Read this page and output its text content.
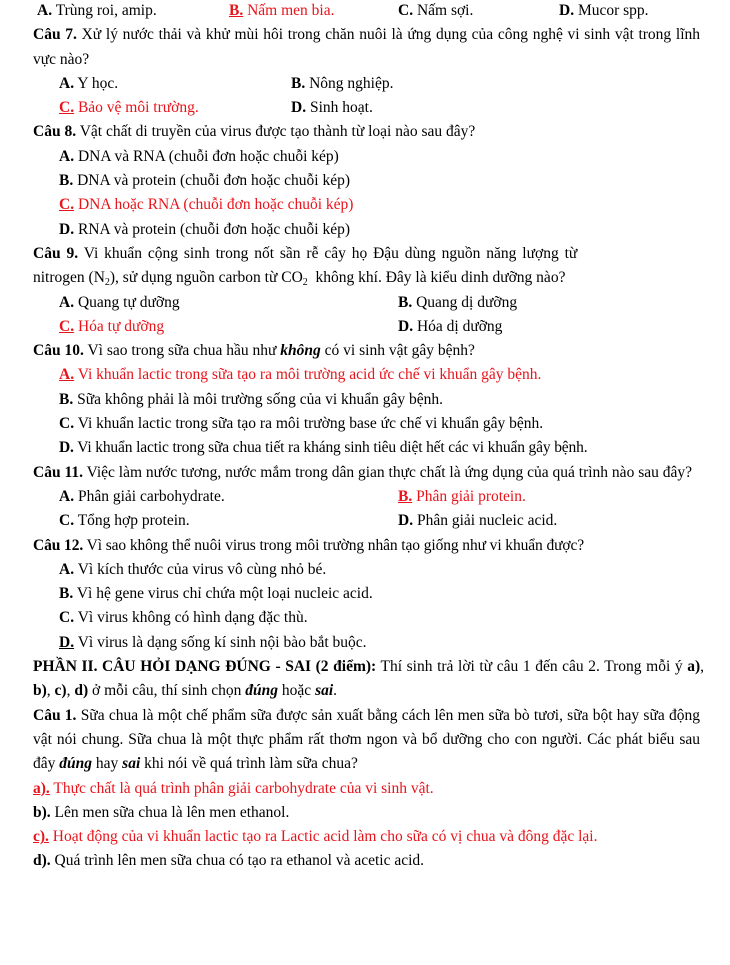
A. Trùng roi, amip.	B. Nấm men bia.	C. Nấm sợi.	D. Mucor spp.
Câu 7. Xử lý nước thải và khử mùi hôi trong chăn nuôi là ứng dụng của công nghệ vi sinh vật trong lĩnh vực nào?
A. Y học.	B. Nông nghiệp.
C. Bảo vệ môi trường.	D. Sinh hoạt.
Câu 8. Vật chất di truyền của virus được tạo thành từ loại nào sau đây?
A. DNA và RNA (chuỗi đơn hoặc chuỗi kép)
B. DNA và protein (chuỗi đơn hoặc chuỗi kép)
C. DNA hoặc RNA (chuỗi đơn hoặc chuỗi kép)
D. RNA và protein (chuỗi đơn hoặc chuỗi kép)
Câu 9. Vi khuẩn cộng sinh trong nốt sần rễ cây họ Đậu dùng nguồn năng lượng từ
nitrogen $(N_2)$, sử dụng nguồn carbon từ $CO_2$  không khí. Đây là kiểu dinh dưỡng nào?
A. Quang tự dưỡng	B. Quang dị dưỡng
C. Hóa tự dưỡng	D. Hóa dị dưỡng
Câu 10. Vì sao trong sữa chua hầu như không có vi sinh vật gây bệnh?
A. Vi khuẩn lactic trong sữa tạo ra môi trường acid ức chế vi khuẩn gây bệnh.
B. Sữa không phải là môi trường sống của vi khuẩn gây bệnh.
C. Vi khuẩn lactic trong sữa tạo ra môi trường base ức chế vi khuẩn gây bệnh.
D. Vi khuẩn lactic trong sữa chua tiết ra kháng sinh tiêu diệt hết các vi khuẩn gây bệnh.
Câu 11. Việc làm nước tương, nước mắm trong dân gian thực chất là ứng dụng của quá trình nào sau đây?
A. Phân giải carbohydrate.	B. Phân giải protein.
C. Tổng hợp protein.	D. Phân giải nucleic acid.
Câu 12. Vì sao không thể nuôi virus trong môi trường nhân tạo giống như vi khuẩn được?
A. Vì kích thước của virus vô cùng nhỏ bé.
B. Vì hệ gene virus chỉ chứa một loại nucleic acid.
C. Vì virus không có hình dạng đặc thù.
D. Vì virus là dạng sống kí sinh nội bào bắt buộc.
PHẦN II. CÂU HỎI DẠNG ĐÚNG - SAI (2 điểm): Thí sinh trả lời từ câu 1 đến câu 2. Trong mỗi ý a), b), c), d) ở mỗi câu, thí sinh chọn đúng hoặc sai.
Câu 1. Sữa chua là một chế phẩm sữa được sản xuất bằng cách lên men sữa bò tươi, sữa bột hay sữa động vật nói chung. Sữa chua là một thực phẩm rất thơm ngon và bổ dưỡng cho con người. Các phát biểu sau đây đúng hay sai khi nói về quá trình làm sữa chua?
a). Thực chất là quá trình phân giải carbohydrate của vi sinh vật.
b). Lên men sữa chua là lên men ethanol.
c). Hoạt động của vi khuẩn lactic tạo ra Lactic acid làm cho sữa có vị chua và đông đặc lại.
d). Quá trình lên men sữa chua có tạo ra ethanol và acetic acid.
